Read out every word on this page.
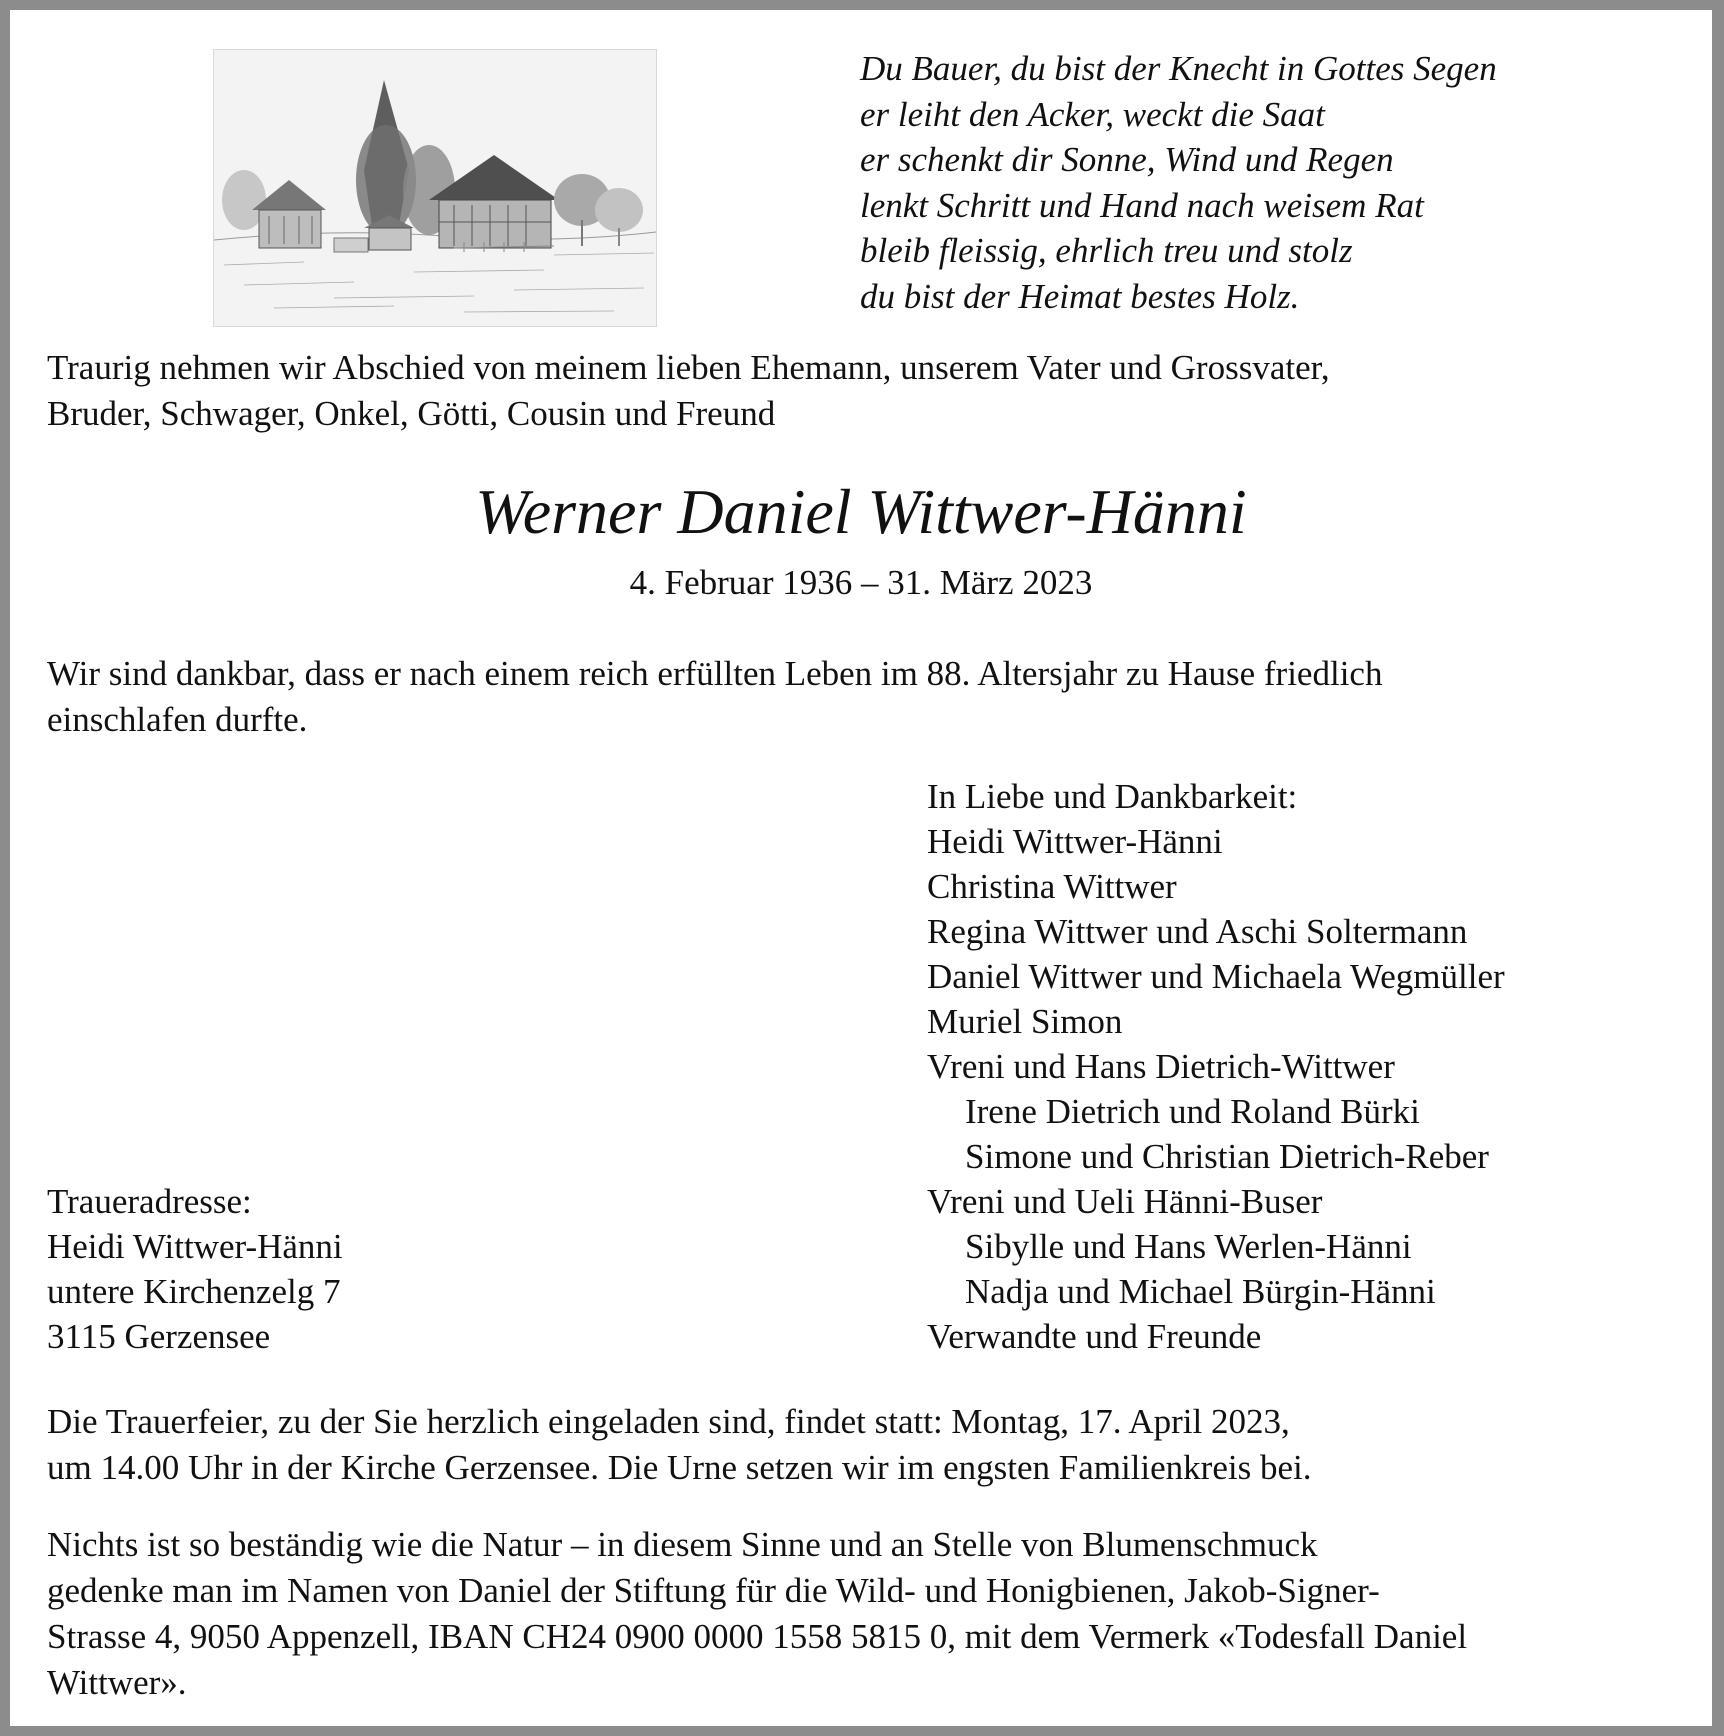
Du Bauer, du bist der Knecht in Gottes Segen
er leiht den Acker, weckt die Saat
er schenkt dir Sonne, Wind und Regen
lenkt Schritt und Hand nach weisem Rat
bleib fleissig, ehrlich treu und stolz
du bist der Heimat bestes Holz.
Traurig nehmen wir Abschied von meinem lieben Ehemann, unserem Vater und Grossvater,
Bruder, Schwager, Onkel, Götti, Cousin und Freund
Werner Daniel Wittwer-Hänni
4. Februar 1936 – 31. März 2023
Wir sind dankbar, dass er nach einem reich erfüllten Leben im 88. Altersjahr zu Hause friedlich
einschlafen durfte.
In Liebe und Dankbarkeit:
Heidi Wittwer-Hänni
Christina Wittwer
Regina Wittwer und Aschi Soltermann
Daniel Wittwer und Michaela Wegmüller
Muriel Simon
Vreni und Hans Dietrich-Wittwer
Irene Dietrich und Roland Bürki
Simone und Christian Dietrich-Reber
Vreni und Ueli Hänni-Buser
Sibylle und Hans Werlen-Hänni
Nadja und Michael Bürgin-Hänni
Verwandte und Freunde
Traueradresse:
Heidi Wittwer-Hänni
untere Kirchenzelg 7
3115 Gerzensee
Die Trauerfeier, zu der Sie herzlich eingeladen sind, findet statt: Montag, 17. April 2023,
um 14.00 Uhr in der Kirche Gerzensee. Die Urne setzen wir im engsten Familienkreis bei.
Nichts ist so beständig wie die Natur – in diesem Sinne und an Stelle von Blumenschmuck
gedenke man im Namen von Daniel der Stiftung für die Wild- und Honigbienen, Jakob-Signer-
Strasse 4, 9050 Appenzell, IBAN CH24 0900 0000 1558 5815 0, mit dem Vermerk «Todesfall Daniel
Wittwer».
